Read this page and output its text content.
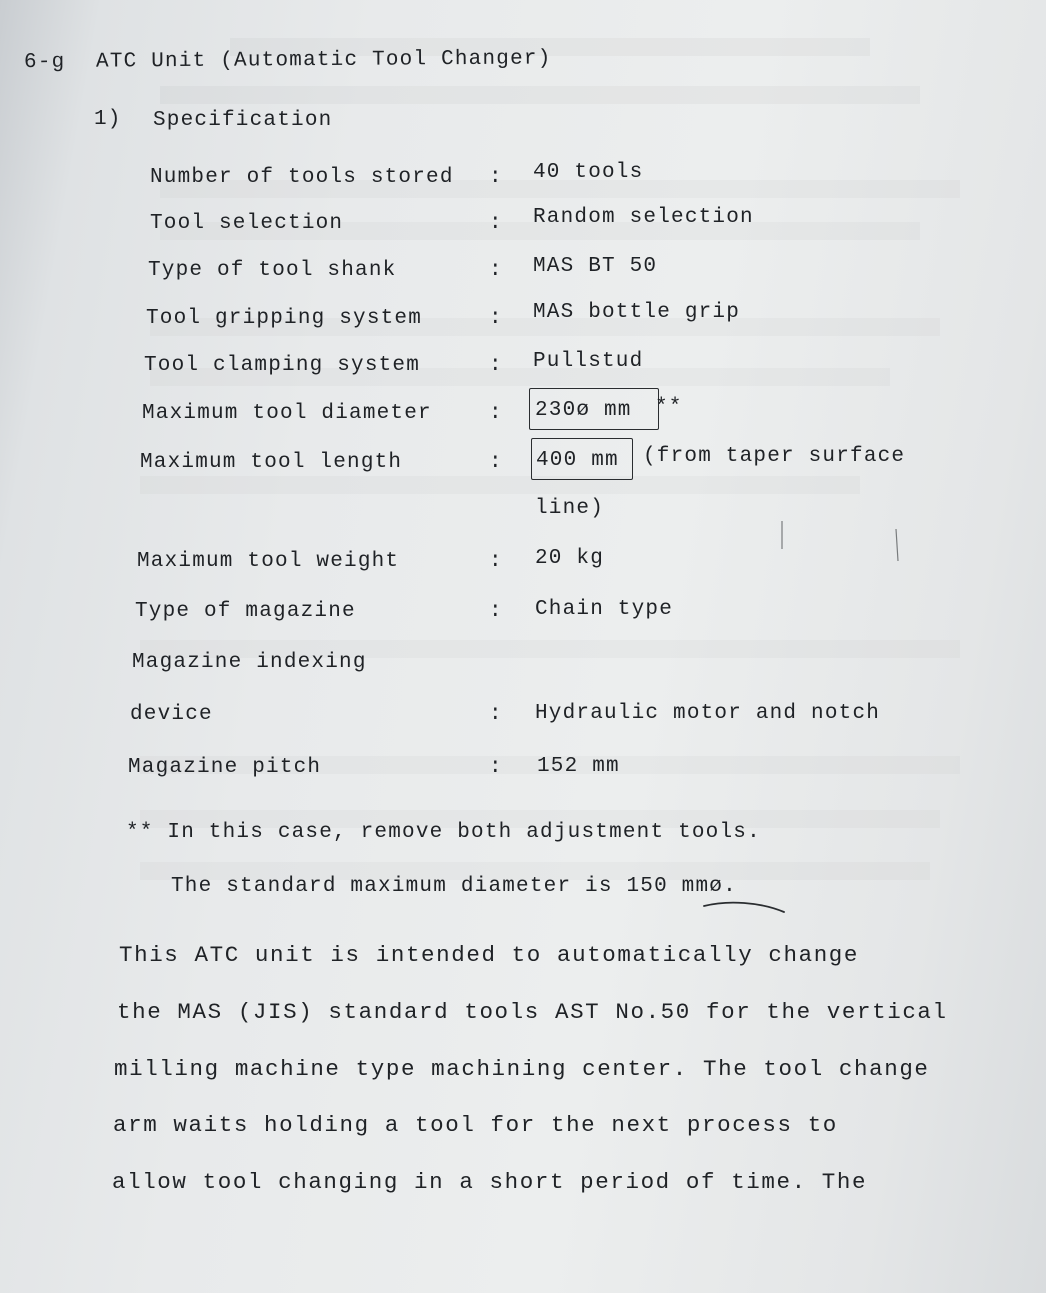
6-g ATC Unit (Automatic Tool Changer)
1) Specification
Number of tools stored : 40 tools
Tool selection	: Random selection
Type of tool shank	: MAS BT 50
Tool gripping system	: MAS bottle grip
Tool clamping system	: Pullstud
Maximum tool diameter	: 230ø mm **
Maximum tool length	: 400 mm (from taper surface
line)
Maximum tool weight	: 20 kg
Type of magazine	: Chain type
Magazine indexing
device	: Hydraulic motor and notch
Magazine pitch	: 152 mm
** In this case, remove both adjustment tools.
The standard maximum diameter is 150 mmø.
This ATC unit is intended to automatically change
the MAS (JIS) standard tools AST No.50 for the vertical
milling machine type machining center. The tool change
arm waits holding a tool for the next process to
allow tool changing in a short period of time. The
